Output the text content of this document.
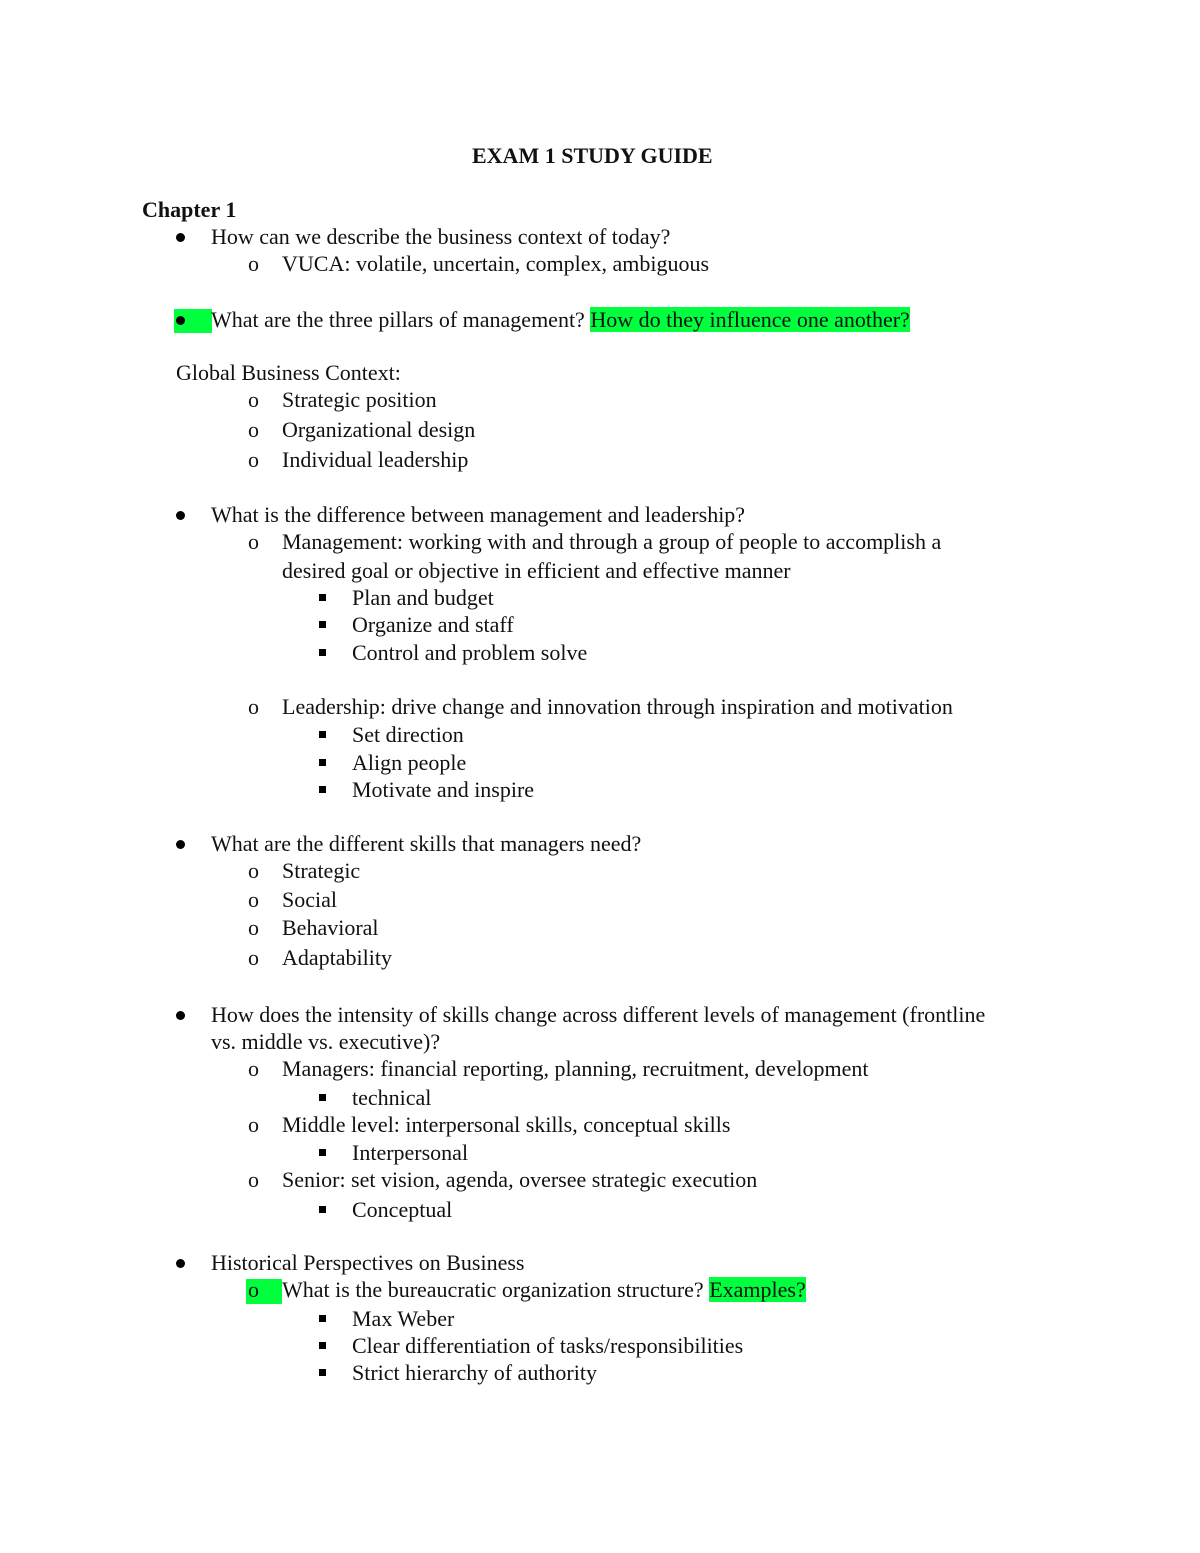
EXAM 1 STUDY GUIDE
Chapter 1
How can we describe the business context of today?
o VUCA: volatile, uncertain, complex, ambiguous
What are the three pillars of management? How do they influence one another?
Global Business Context:
o Strategic position
o Organizational design
o Individual leadership
What is the difference between management and leadership?
o Management: working with and through a group of people to accomplish a
desired goal or objective in efficient and effective manner
Plan and budget
Organize and staff
Control and problem solve
o Leadership: drive change and innovation through inspiration and motivation
Set direction
Align people
Motivate and inspire
What are the different skills that managers need?
o Strategic
o Social
o Behavioral
o Adaptability
How does the intensity of skills change across different levels of management (frontline
vs. middle vs. executive)?
o Managers: financial reporting, planning, recruitment, development
technical
o Middle level: interpersonal skills, conceptual skills
Interpersonal
o Senior: set vision, agenda, oversee strategic execution
Conceptual
Historical Perspectives on Business
o What is the bureaucratic organization structure? Examples?
Max Weber
Clear differentiation of tasks/responsibilities
Strict hierarchy of authority
